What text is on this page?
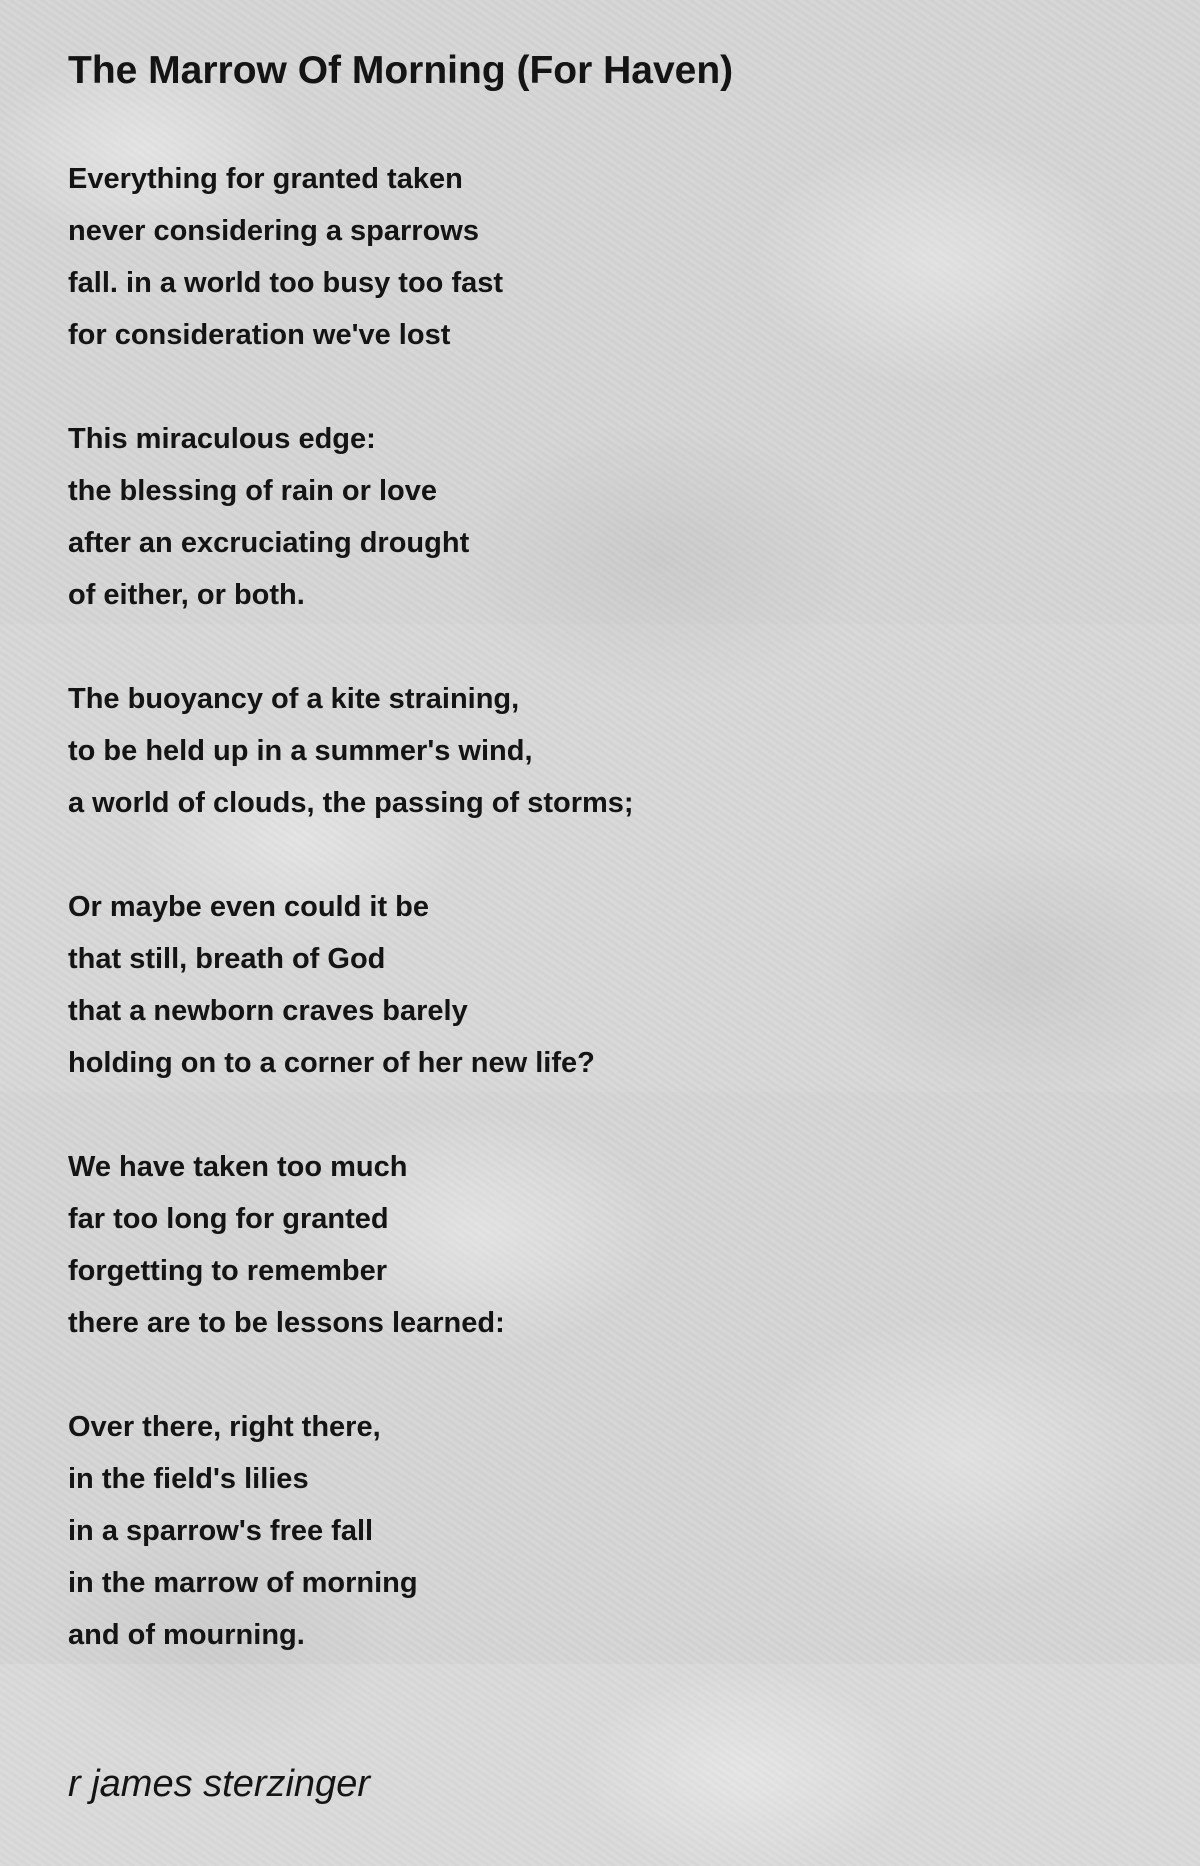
The Marrow Of Morning (For Haven)
Everything for granted taken
never considering a sparrows
fall. in a world too busy too fast
for consideration we've lost
This miraculous edge:
the blessing of rain or love
after an excruciating drought
of either, or both.
The buoyancy of a kite straining,
to be held up in a summer's wind,
a world of clouds, the passing of storms;
Or maybe even could it be
that still, breath of God
that a newborn craves barely
holding on to a corner of her new life?
We have taken too much
far too long for granted
forgetting to remember
there are to be lessons learned:
Over there, right there,
in the field's lilies
in a sparrow's free fall
in the marrow of morning
and of mourning.

r james sterzinger
